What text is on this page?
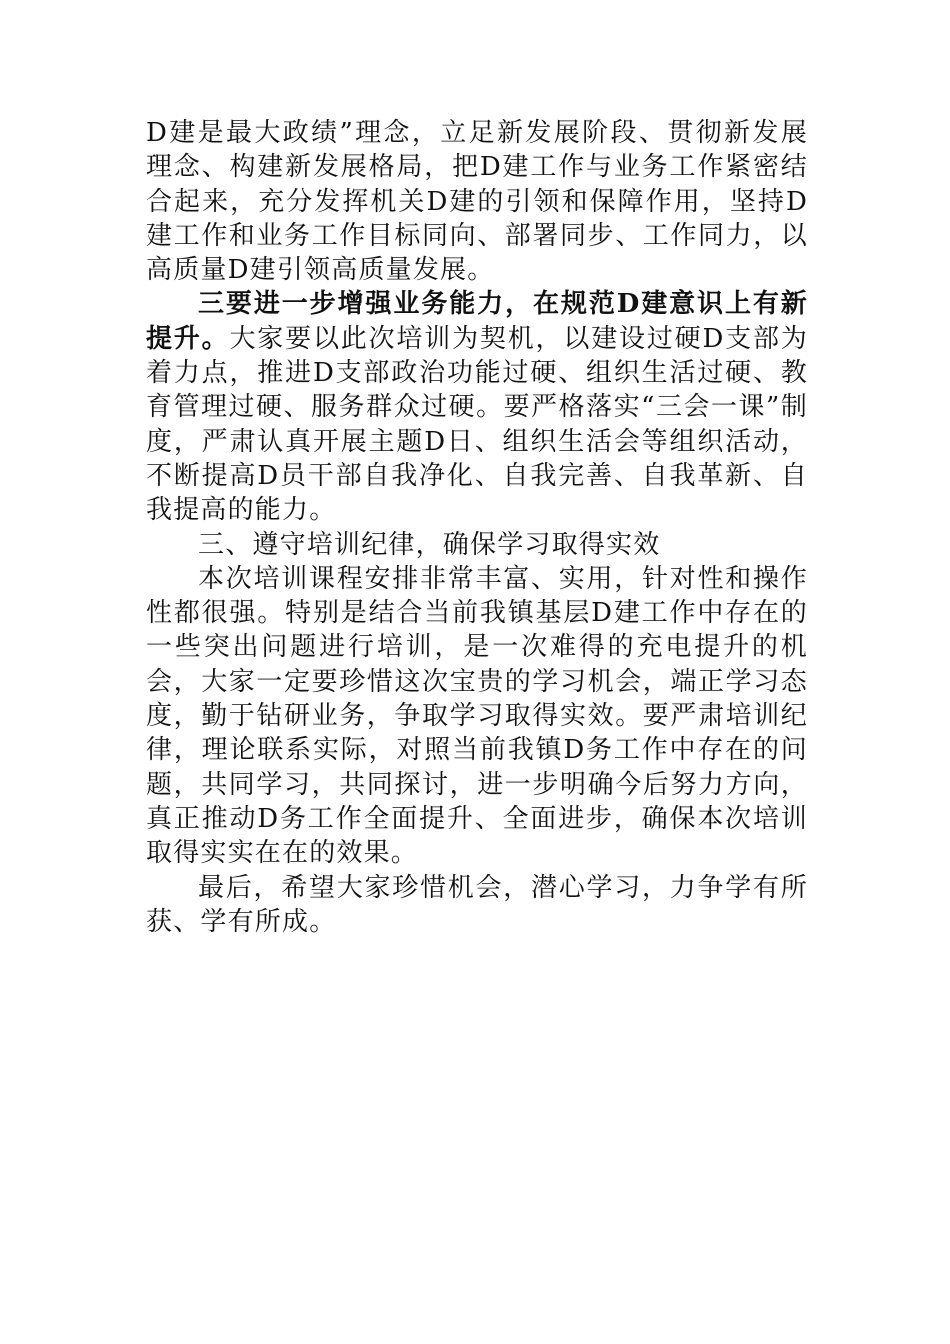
D建是最大政绩”理念，立足新发展阶段、贯彻新发展理念、构建新发展格局，把D建工作与业务工作紧密结合起来，充分发挥机关D建的引领和保障作用，坚持D建工作和业务工作目标同向、部署同步、工作同力，以高质量D建引领高质量发展。

三要进一步增强业务能力，在规范D建意识上有新提升。大家要以此次培训为契机，以建设过硬D支部为着力点，推进D支部政治功能过硬、组织生活过硬、教育管理过硬、服务群众过硬。要严格落实“三会一课”制度，严肃认真开展主题D日、组织生活会等组织活动，不断提高D员干部自我净化、自我完善、自我革新、自我提高的能力。

三、遵守培训纪律，确保学习取得实效

本次培训课程安排非常丰富、实用，针对性和操作性都很强。特别是结合当前我镇基层D建工作中存在的一些突出问题进行培训，是一次难得的充电提升的机会，大家一定要珍惜这次宝贵的学习机会，端正学习态度，勤于钻研业务，争取学习取得实效。要严肃培训纪律，理论联系实际，对照当前我镇D务工作中存在的问题，共同学习，共同探讨，进一步明确今后努力方向，真正推动D务工作全面提升、全面进步，确保本次培训取得实实在在的效果。

最后，希望大家珍惜机会，潜心学习，力争学有所获、学有所成。
